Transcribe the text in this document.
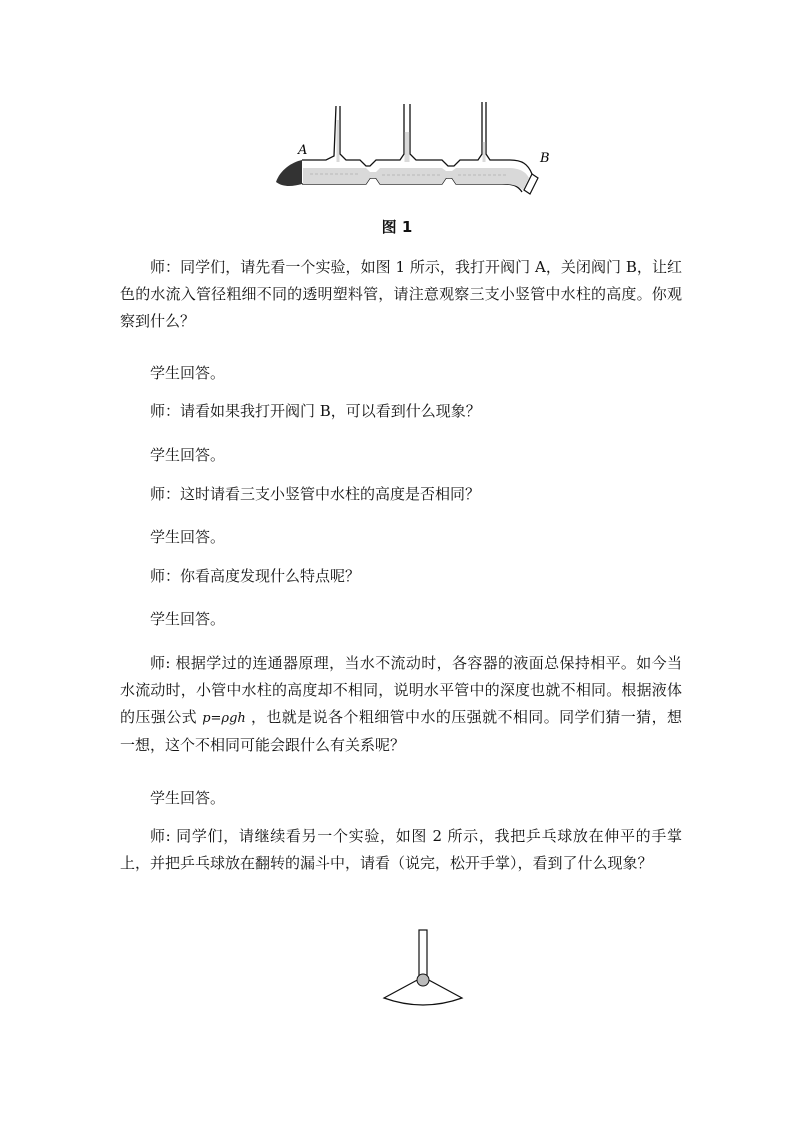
A
B
图 1

师：同学们，请先看一个实验，如图 1 所示，我打开阀门 A，关闭阀门 B，让红色的水流入管径粗细不同的透明塑料管，请注意观察三支小竖管中水柱的高度。你观察到什么？

学生回答。

师：请看如果我打开阀门 B，可以看到什么现象？

学生回答。

师：这时请看三支小竖管中水柱的高度是否相同？

学生回答。

师：你看高度发现什么特点呢？

学生回答。

师: 根据学过的连通器原理，当水不流动时，各容器的液面总保持相平。如今当水流动时，小管中水柱的高度却不相同，说明水平管中的深度也就不相同。根据液体的压强公式 p=ρgh ，也就是说各个粗细管中水的压强就不相同。同学们猜一猜，想一想，这个不相同可能会跟什么有关系呢？

学生回答。

师: 同学们，请继续看另一个实验，如图 2 所示，我把乒乓球放在伸平的手掌上，并把乒乓球放在翻转的漏斗中，请看（说完，松开手掌），看到了什么现象？
